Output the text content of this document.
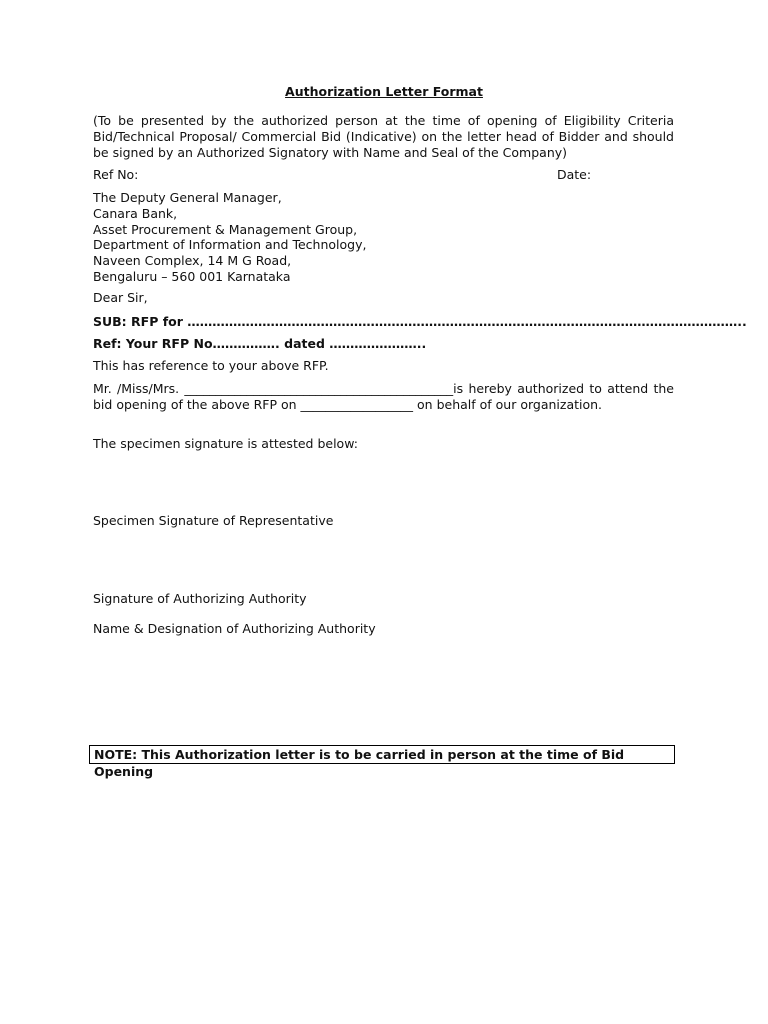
Authorization Letter Format
(To be presented by the authorized person at the time of opening of Eligibility Criteria Bid/Technical Proposal/ Commercial Bid (Indicative) on the letter head of Bidder and should be signed by an Authorized Signatory with Name and Seal of the Company)
Ref No:	Date:
The Deputy General Manager,
Canara Bank,
Asset Procurement & Management Group,
Department of Information and Technology,
Naveen Complex, 14 M G Road,
Bengaluru – 560 001 Karnataka
Dear Sir,
SUB: RFP for ……………………………………………………………………………………………………………………..
Ref: Your RFP No……………. dated …………………..
This has reference to your above RFP.
Mr. /Miss/Mrs. ___________________________________________is hereby authorized to attend the bid opening of the above RFP on __________________ on behalf of our organization.
The specimen signature is attested below:
Specimen Signature of Representative
Signature of Authorizing Authority
Name & Designation of Authorizing Authority
NOTE: This Authorization letter is to be carried in person at the time of Bid Opening
